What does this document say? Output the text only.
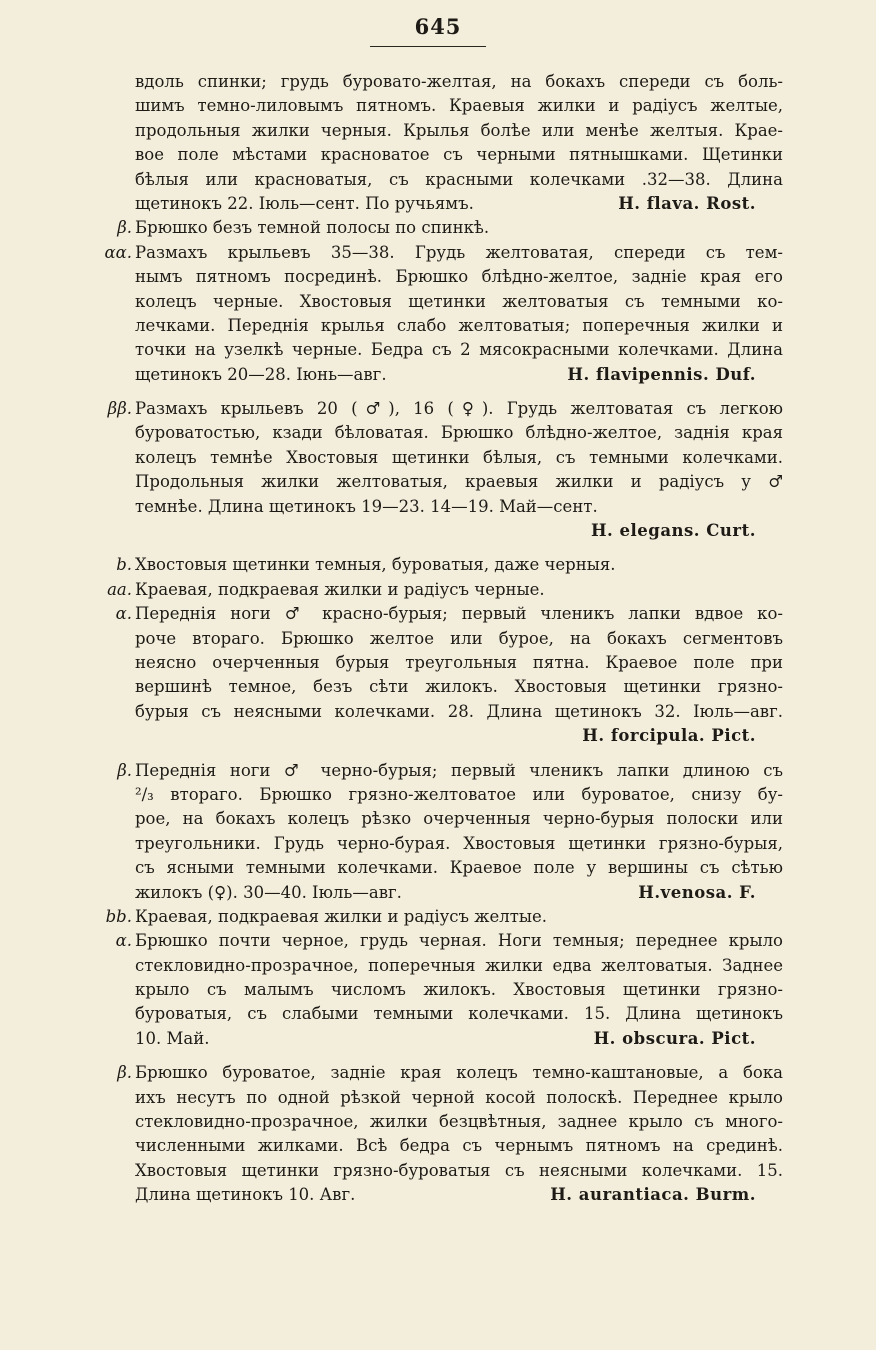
645
вдоль спинки; грудь буровато-желтая, на бокахъ спереди съ боль-
шимъ темно-лиловымъ пятномъ. Краевыя жилки и радіусъ желтые,
продольныя жилки черныя. Крылья болѣе или менѣе желтыя. Крае-
вое поле мѣстами красноватое съ черными пятнышками. Щетинки
бѣлыя или красноватыя, съ красными колечками .32—38. Длина
щетинокъ 22. Іюль—сент. По ручьямъ.	H. flava. Rost.
β. Брюшко безъ темной полосы по спинкѣ.
αα. Размахъ крыльевъ 35—38. Грудь желтоватая, спереди съ тем-
нымъ пятномъ посрединѣ. Брюшко блѣдно-желтое, задніе края его
колецъ черные. Хвостовыя щетинки желтоватыя съ темными ко-
лечками. Переднія крылья слабо желтоватыя; поперечныя жилки и
точки на узелкѣ черные. Бедра съ 2 мясокрасными колечками. Длина
щетинокъ 20—28. Іюнь—авг.	H. flavipennis. Duf.
ββ. Размахъ крыльевъ 20 (♂), 16 (♀). Грудь желтоватая съ легкою
буроватостью, кзади бѣловатая. Брюшко блѣдно-желтое, заднія края
колецъ темнѣе Хвостовыя щетинки бѣлыя, съ темными колечками.
Продольныя жилки желтоватыя, краевыя жилки и радіусъ у ♂
темнѣе. Длина щетинокъ 19—23. 14—19. Май—сент.
H. elegans. Curt.
b. Хвостовыя щетинки темныя, буроватыя, даже черныя.
аа. Краевая, подкраевая жилки и радіусъ черные.
α. Переднія ноги ♂ красно-бурыя; первый членикъ лапки вдвое ко-
роче втораго. Брюшко желтое или бурое, на бокахъ сегментовъ
неясно очерченныя бурыя треугольныя пятна. Краевое поле при
вершинѣ темное, безъ сѣти жилокъ. Хвостовыя щетинки грязно-
бурыя съ неясными колечками. 28. Длина щетинокъ 32. Іюль—авг.
H. forcipula. Pict.
β. Переднія ноги ♂ черно-бурыя; первый членикъ лапки длиною съ
²/₃ втораго. Брюшко грязно-желтоватое или буроватое, снизу бу-
рое, на бокахъ колецъ рѣзко очерченныя черно-бурыя полоски или
треугольники. Грудь черно-бурая. Хвостовыя щетинки грязно-бурыя,
съ ясными темными колечками. Краевое поле у вершины съ сѣтью
жилокъ (♀). 30—40. Іюль—авг.	H.venosa. F.
bb. Краевая, подкраевая жилки и радіусъ желтые.
α. Брюшко почти черное, грудь черная. Ноги темныя; переднее крыло
стекловидно-прозрачное, поперечныя жилки едва желтоватыя. Заднее
крыло съ малымъ числомъ жилокъ. Хвостовыя щетинки грязно-
буроватыя, съ слабыми темными колечками. 15. Длина щетинокъ
10. Май.	H. obscura. Pict.
β. Брюшко буроватое, задніе края колецъ темно-каштановые, а бока
ихъ несутъ по одной рѣзкой черной косой полоскѣ. Переднее крыло
стекловидно-прозрачное, жилки безцвѣтныя, заднее крыло съ много-
численными жилками. Всѣ бедра съ чернымъ пятномъ на срединѣ.
Хвостовыя щетинки грязно-буроватыя съ неясными колечками. 15.
Длина щетинокъ 10. Авг.	H. aurantiaca. Burm.
